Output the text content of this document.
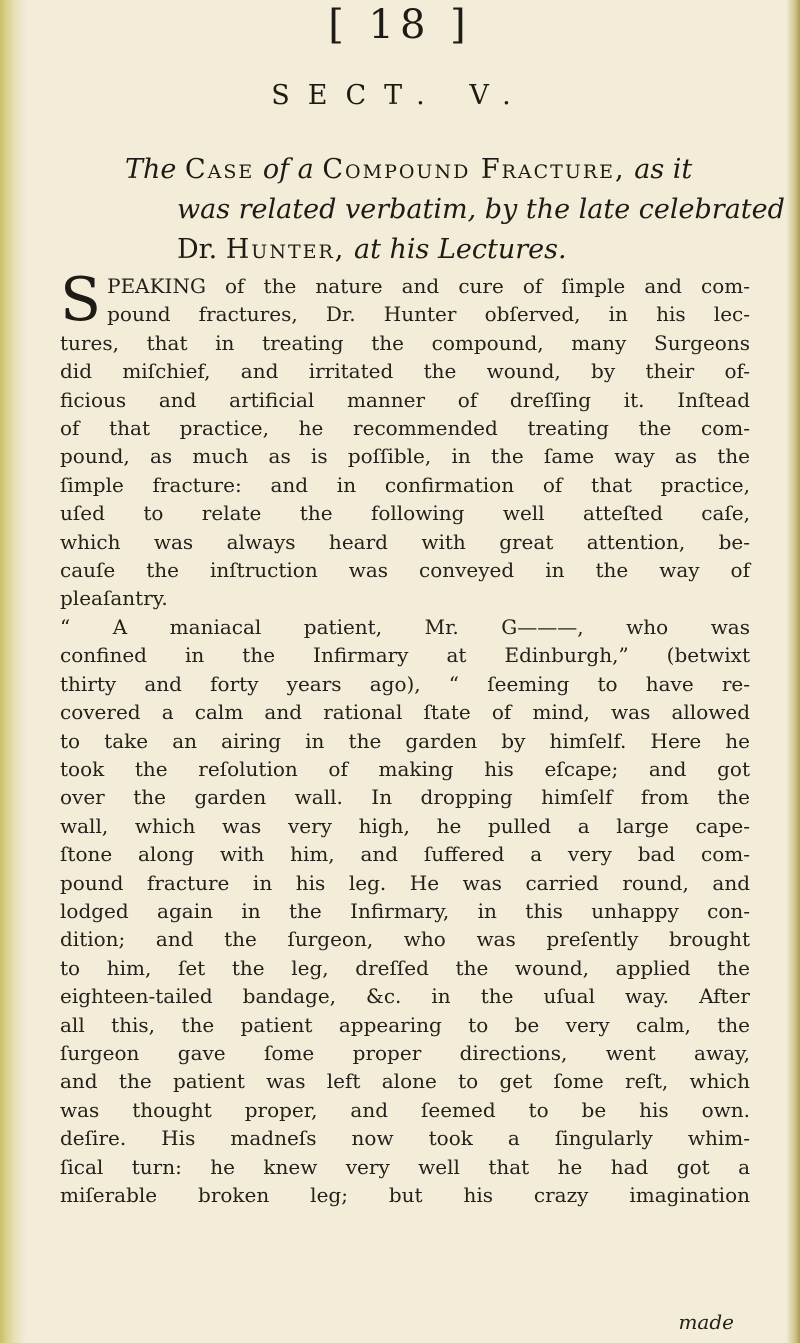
[ 18 ]
SECT. V.
The Case of a Compound Fracture, as it
was related verbatim, by the late celebrated
Dr. Hunter, at his Lectures.
S PEAKING of the nature and cure of ſimple and com-
pound fractures, Dr. Hunter obſerved, in his lec-
tures, that in treating the compound, many Surgeons
did miſchief, and irritated the wound, by their of-
ficious and artificial manner of dreſſing it. Inſtead
of that practice, he recommended treating the com-
pound, as much as is poſſible, in the ſame way as the
ſimple fracture: and in confirmation of that practice,
uſed to relate the following well atteſted caſe,
which was always heard with great attention, be-
cauſe the inſtruction was conveyed in the way of
pleaſantry.
“ A maniacal patient, Mr. G———, who was
confined in the Infirmary at Edinburgh,” (betwixt
thirty and forty years ago), “ ſeeming to have re-
covered a calm and rational ſtate of mind, was allowed
to take an airing in the garden by himſelf. Here he
took the reſolution of making his eſcape; and got
over the garden wall. In dropping himſelf from the
wall, which was very high, he pulled a large cape-
ſtone along with him, and ſuffered a very bad com-
pound fracture in his leg. He was carried round, and
lodged again in the Infirmary, in this unhappy con-
dition; and the ſurgeon, who was preſently brought
to him, ſet the leg, dreſſed the wound, applied the
eighteen-tailed bandage, &c. in the uſual way. After
all this, the patient appearing to be very calm, the
ſurgeon gave ſome proper directions, went away,
and the patient was left alone to get ſome reſt, which
was thought proper, and ſeemed to be his own.
deſire. His madneſs now took a ſingularly whim-
ſical turn: he knew very well that he had got a
miſerable broken leg; but his crazy imagination
made
